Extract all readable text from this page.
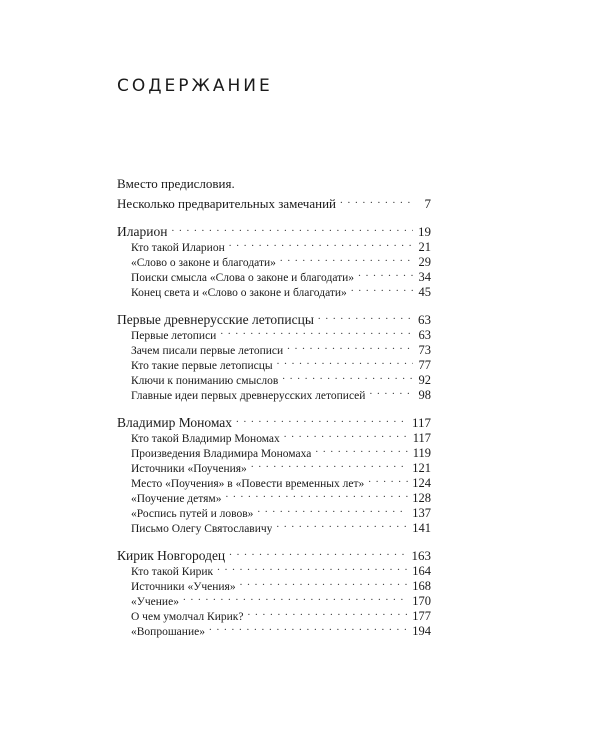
СОДЕРЖАНИЕ
Вместо предисловия.
Несколько предварительных замечаний . . .	7
Иларион . . .	19
Кто такой Иларион . . .	21
«Слово о законе и благодати» . . .	29
Поиски смысла «Слова о законе и благодати» . . .	34
Конец света и «Слово о законе и благодати» . . .	45
Первые древнерусские летописцы . . .	63
Первые летописи . . .	63
Зачем писали первые летописи . . .	73
Кто такие первые летописцы . . .	77
Ключи к пониманию смыслов . . .	92
Главные идеи первых древнерусских летописей . . .	98
Владимир Мономах . . .	117
Кто такой Владимир Мономах . . .	117
Произведения Владимира Мономаха . . .	119
Источники «Поучения» . . .	121
Место «Поучения» в «Повести временных лет» . . .	124
«Поучение детям» . . .	128
«Роспись путей и ловов» . . .	137
Письмо Олегу Святославичу . . .	141
Кирик Новгородец . . .	163
Кто такой Кирик . . .	164
Источники «Учения» . . .	168
«Учение» . . .	170
О чем умолчал Кирик? . . .	177
«Вопрошание» . . .	194
